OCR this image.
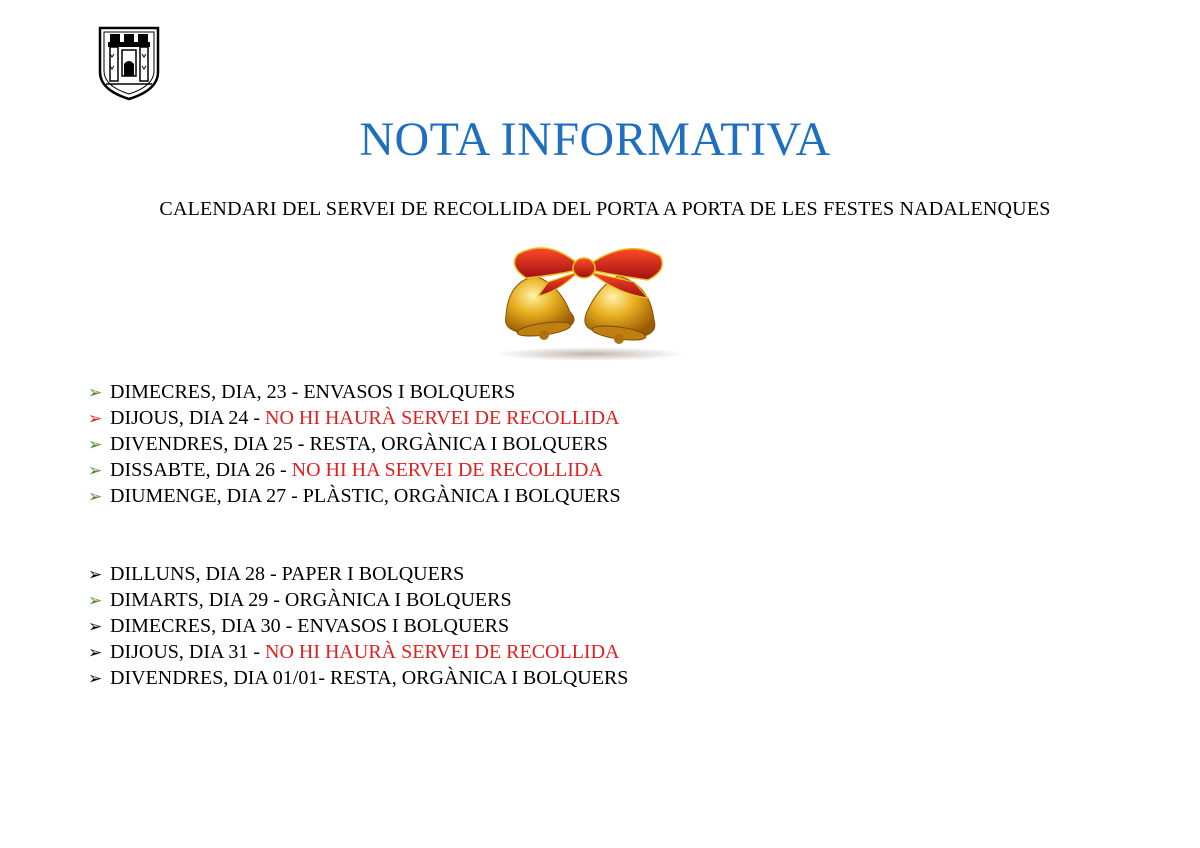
NOTA INFORMATIVA
CALENDARI DEL SERVEI DE RECOLLIDA DEL PORTA A PORTA DE LES FESTES NADALENQUES
➢ DIMECRES, DIA, 23 - ENVASOS I BOLQUERS
➢ DIJOUS, DIA 24 - NO HI HAURÀ SERVEI DE RECOLLIDA
➢ DIVENDRES, DIA 25 - RESTA, ORGÀNICA I BOLQUERS
➢ DISSABTE, DIA 26 - NO HI HA SERVEI DE RECOLLIDA
➢ DIUMENGE, DIA 27 - PLÀSTIC, ORGÀNICA I BOLQUERS
➢ DILLUNS, DIA 28 - PAPER I BOLQUERS
➢ DIMARTS, DIA 29 - ORGÀNICA I BOLQUERS
➢ DIMECRES, DIA 30 - ENVASOS I BOLQUERS
➢ DIJOUS, DIA 31 - NO HI HAURÀ SERVEI DE RECOLLIDA
➢ DIVENDRES, DIA 01/01- RESTA, ORGÀNICA I BOLQUERS
